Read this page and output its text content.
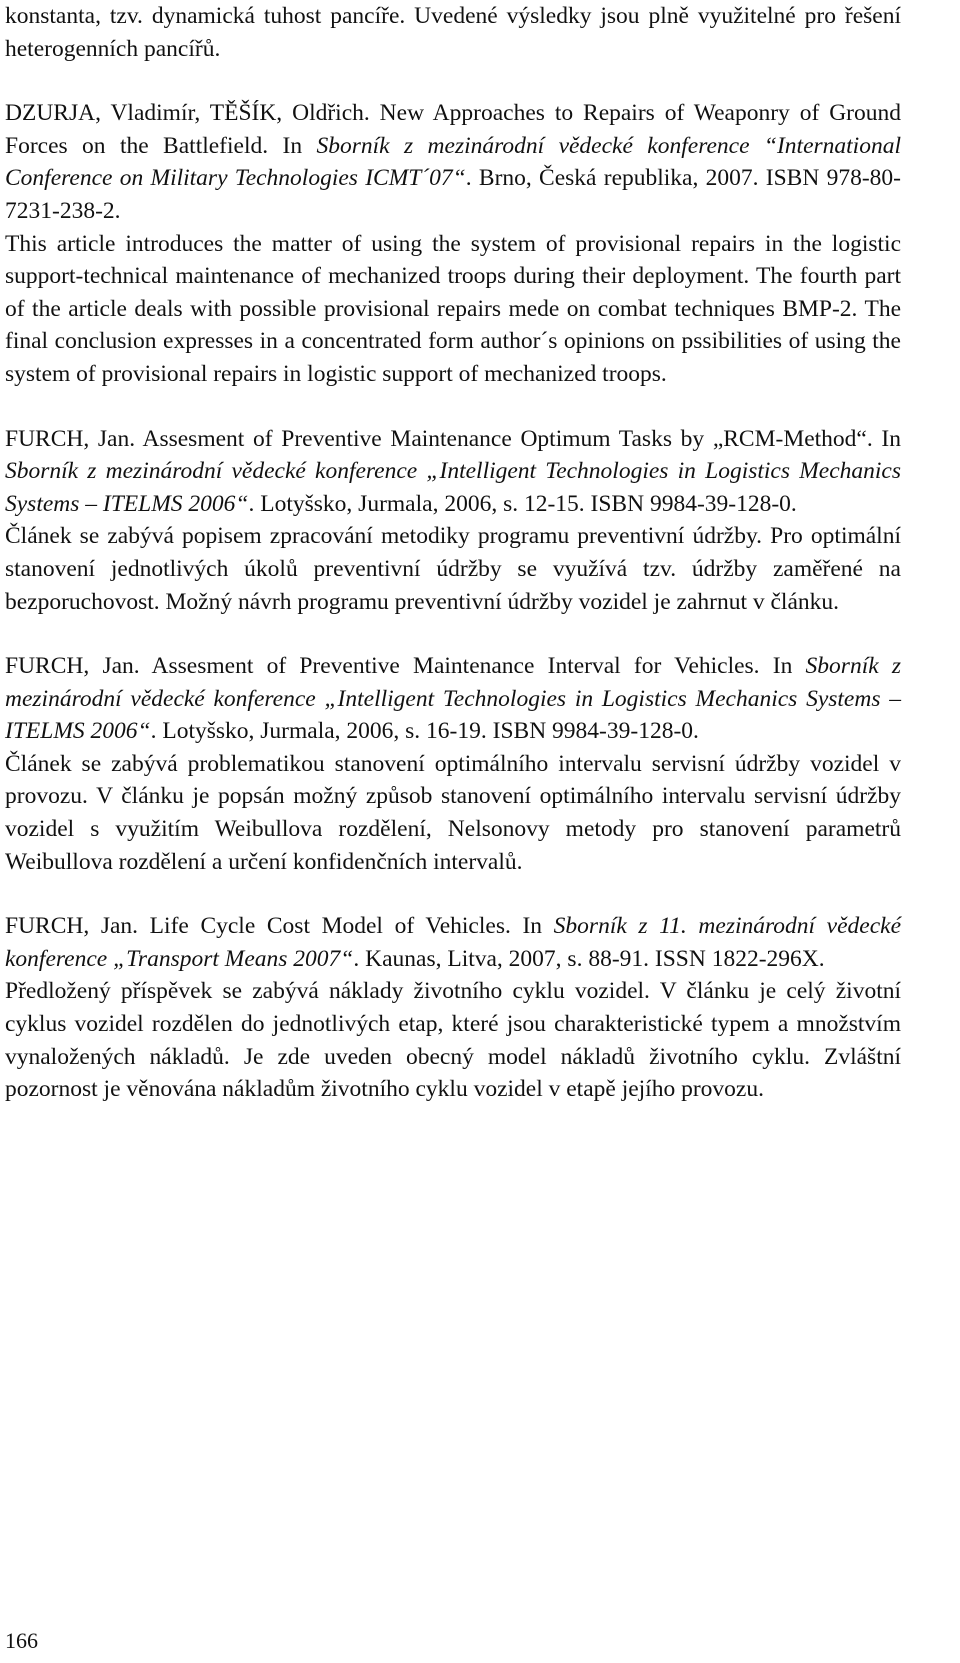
konstanta, tzv. dynamická tuhost pancíře. Uvedené výsledky jsou plně využitelné pro řešení heterogenních pancířů.

DZURJA, Vladimír, TĚŠÍK, Oldřich. New Approaches to Repairs of Weaponry of Ground Forces on the Battlefield. In Sborník z mezinárodní vědecké konference “International Conference on Military Technologies ICMT´07“. Brno, Česká republika, 2007. ISBN 978-80-7231-238-2.

This article introduces the matter of using the system of provisional repairs in the logistic support-technical maintenance of mechanized troops during their deployment. The fourth part of the article deals with possible provisional repairs mede on combat techniques BMP-2. The final conclusion expresses in a concentrated form author´s opinions on pssibilities of using the system of provisional repairs in logistic support of mechanized troops.

FURCH, Jan. Assesment of Preventive Maintenance Optimum Tasks by „RCM-Method“. In Sborník z mezinárodní vědecké konference „Intelligent Technologies in Logistics Mechanics Systems – ITELMS 2006“. Lotyšsko, Jurmala, 2006, s. 12-15. ISBN 9984-39-128-0.

Článek se zabývá popisem zpracování metodiky programu preventivní údržby. Pro optimální stanovení jednotlivých úkolů preventivní údržby se využívá tzv. údržby zaměřené na bezporuchovost. Možný návrh programu preventivní údržby vozidel je zahrnut v článku.

FURCH, Jan. Assesment of Preventive Maintenance Interval for Vehicles. In Sborník z mezinárodní vědecké konference „Intelligent Technologies in Logistics Mechanics Systems – ITELMS 2006“. Lotyšsko, Jurmala, 2006, s. 16-19. ISBN 9984-39-128-0.

Článek se zabývá problematikou stanovení optimálního intervalu servisní údržby vozidel v provozu. V článku je popsán možný způsob stanovení optimálního intervalu servisní údržby vozidel s využitím Weibullova rozdělení, Nelsonovy metody pro stanovení parametrů Weibullova rozdělení a určení konfidenčních intervalů.

FURCH, Jan. Life Cycle Cost Model of Vehicles. In Sborník z 11. mezinárodní vědecké konference „Transport Means 2007“. Kaunas, Litva, 2007, s. 88-91. ISSN 1822-296X.

Předložený příspěvek se zabývá náklady životního cyklu vozidel. V článku je celý životní cyklus vozidel rozdělen do jednotlivých etap, které jsou charakteristické typem a množstvím vynaložených nákladů. Je zde uveden obecný model nákladů životního cyklu. Zvláštní pozornost je věnována nákladům životního cyklu vozidel v etapě jejího provozu.

166
